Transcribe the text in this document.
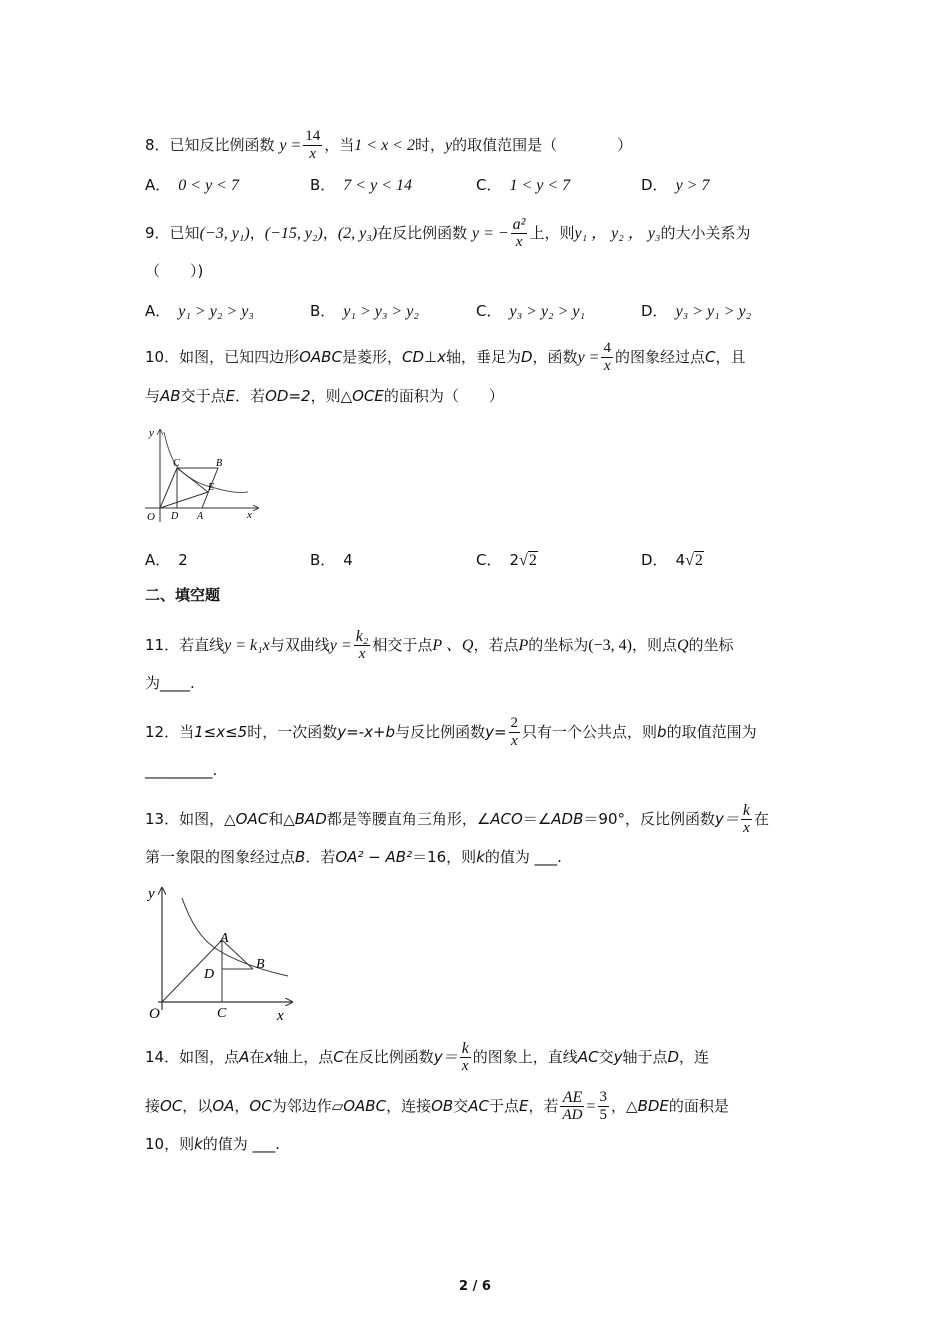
8．已知反比例函数 $y = \frac{14}{x}$ ，当1 < x < 2时，y的取值范围是（　　　　）
A． 0 < y < 7	B． 7 < y < 14	C． 1 < y < 7	D． y > 7
9．已知(−3, y₁)，(−15, y₂)，(2, y₃)在反比例函数 y = − $\frac{\text{a²}}{x}$ 上，则y₁ ， y₂ ， y₃的大小关系为
（　　）)
A． y₁ > y₂ > y₃	B． y₁ > y₃ > y₂	C． y₃ > y₂ > y₁	D． y₃ > y₁ > y₂
10．如图，已知四边形OABC是菱形，CD⊥x轴，垂足为D，函数$y = \frac{4}{x}$ 的图象经过点C，且
与AB交于点E．若OD=2，则△OCE的面积为（　　）
y
x
O
C	B
E
D A
A． 2	B． 4	C． 2√2	D． 4√2
二、填空题
11．若直线y = k₁x与双曲线$y = \frac{\text{k₂}}{x}$ 相交于点P 、Q，若点P的坐标为(−3, 4)，则点Q的坐标
为____.
12．当1≤x≤5时，一次函数y=-x+b与反比例函数$y= \frac{2}{x}$ 只有一个公共点，则b的取值范围为
_________.
13．如图，△OAC和△BAD都是等腰直角三角形，∠ACO＝∠ADB＝90°，反比例函数$y= \frac{k}{x}$ 在
第一象限的图象经过点B．若OA² − AB²＝16，则k的值为 ___.
y
x
O
A
B
C
D
14．如图，点A在x轴上，点C在反比例函数$y= \frac{k}{x}$ 的图象上，直线AC交y轴于点D，连
接OC，以OA，OC为邻边作▱OABC，连接OB交AC于点E，若 $\frac{AE}{AD} = \frac{3}{5}$ ，△BDE的面积是
10，则k的值为 ___.
2 / 6
